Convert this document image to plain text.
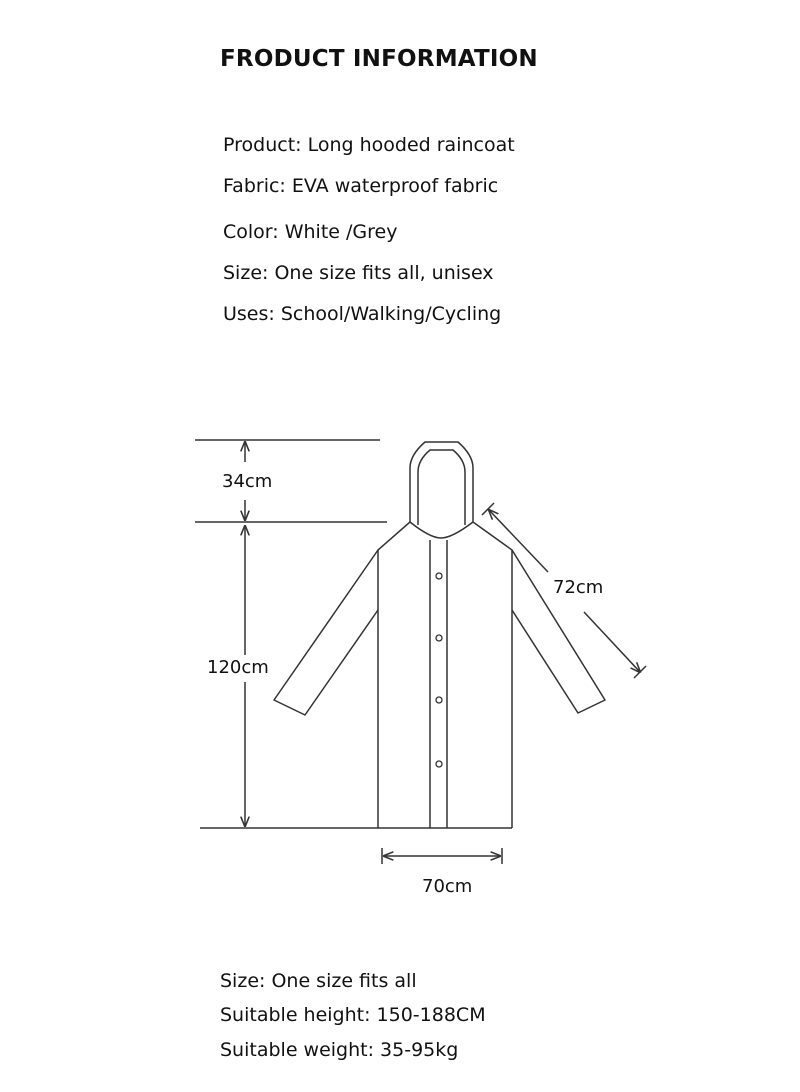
FRODUCT INFORMATION
Product: Long hooded raincoat
Fabric: EVA waterproof fabric
Color: White /Grey
Size: One size fits all, unisex
Uses: School/Walking/Cycling
34cm
120cm
72cm
70cm
Size: One size fits all
Suitable height: 150-188CM
Suitable weight: 35-95kg
